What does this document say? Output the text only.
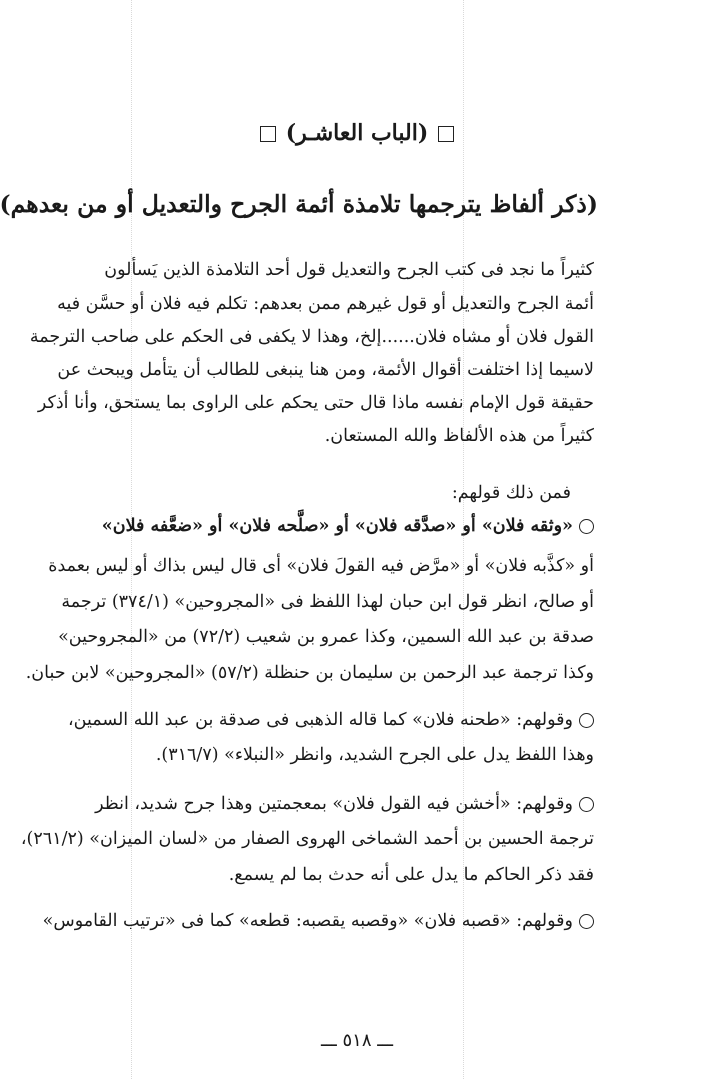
(الباب العاشـر)
(ذكر ألفاظ يترجمها تلامذة أئمة الجرح والتعديل أو من بعدهم)
كثيراً ما نجد فى كتب الجرح والتعديل قول أحد التلامذة الذين يَسألون
أئمة الجرح والتعديل أو قول غيرهم ممن بعدهم: تكلم فيه فلان أو حسَّن فيه
القول فلان أو مشاه فلان......إلخ، وهذا لا يكفى فى الحكم على صاحب الترجمة
لاسيما إذا اختلفت أقوال الأئمة، ومن هنا ينبغى للطالب أن يتأمل ويبحث عن
حقيقة قول الإمام نفسه ماذا قال حتى يحكم على الراوى بما يستحق، وأنا أذكر
كثيراً من هذه الألفاظ والله المستعان.
فمن ذلك قولهم:
«وثقه فلان» أو «صدَّقه فلان» أو «صلَّحه فلان» أو «ضعَّفه فلان»
أو «كذَّبه فلان» أو «مرَّض فيه القولَ فلان» أى قال ليس بذاك أو ليس بعمدة
أو صالح، انظر قول ابن حبان لهذا اللفظ فى «المجروحين» (٣٧٤/١) ترجمة
صدقة بن عبد الله السمين، وكذا عمرو بن شعيب (٧٢/٢) من «المجروحين»
وكذا ترجمة عبد الرحمن بن سليمان بن حنظلة (٥٧/٢) «المجروحين» لابن حبان.
وقولهم: «طحنه فلان» كما قاله الذهبى فى صدقة بن عبد الله السمين،
وهذا اللفظ يدل على الجرح الشديد، وانظر «النبلاء» (٣١٦/٧).
وقولهم: «أخشن فيه القول فلان» بمعجمتين وهذا جرح شديد، انظر
ترجمة الحسين بن أحمد الشماخى الهروى الصفار من «لسان الميزان» (٢٦١/٢)،
فقد ذكر الحاكم ما يدل على أنه حدث بما لم يسمع.
وقولهم: «قصبه فلان» «وقصبه يقصبه: قطعه» كما فى «ترتيب القاموس»
ـــ ٥١٨ ـــ
